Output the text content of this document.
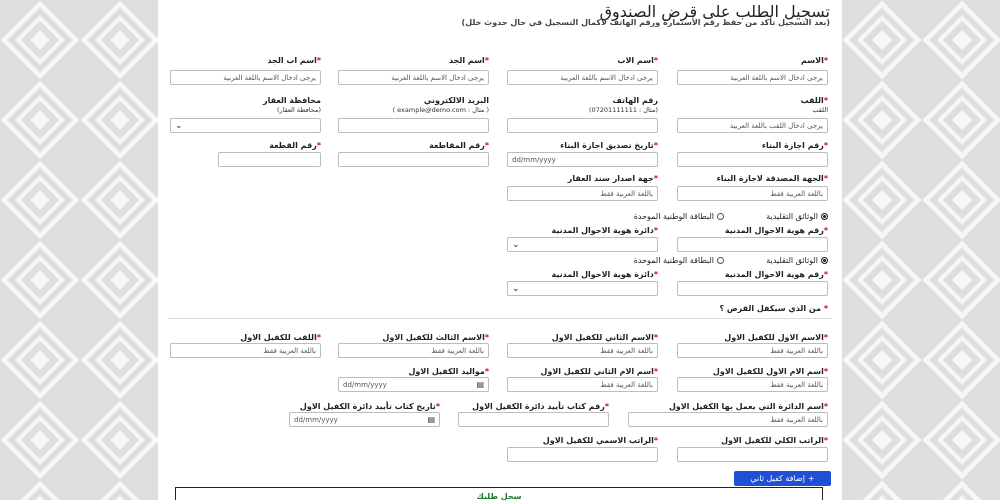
تسجيل الطلب على قرض الصندوق
(بعد التسجيل تأكد من حفظ رقم الأستمارة ورقم الهاتف لاكمال التسجيل في حال حدوث خلل)
*الاسم
*اسم الاب
*اسم الجد
*اسم اب الجد
يرجى ادخال الاسم باللغة العربية
يرجى ادخال الاسم باللغة العربية
يرجى ادخال الاسم باللغة العربية
يرجى ادخال الاسم باللغة العربية
*اللقب
اللقب
رقم الهاتف
(مثال : 07201111111)
البريد الالكتروني
( مثال : example@demo.com )
محافظة العقار
(محافظة العقار)
يرجى ادخال اللقب باللغة العربية
⌄
*رقم اجازة البناء
*تاريخ تصديق اجازة البناء
*رقم المقاطعة
*رقم القطعة
dd/mm/yyyy
*الجهة المصدقة لاجازة البناء
*جهة اصدار سند العقار
باللغة العربية فقط
باللغة العربية فقط
الوثائق التقليدية
البطاقة الوطنية الموحدة
*رقم هوية الاحوال المدنية
*دائرة هوية الاحوال المدنية
⌄
الوثائق التقليدية
البطاقة الوطنية الموحدة
*رقم هوية الاحوال المدنية
*دائرة هوية الاحوال المدنية
⌄
* من الذي سيكفل القرض ؟
*الاسم الاول للكفيل الاول
*الاسم الثاني للكفيل الاول
*الاسم الثالث للكفيل الاول
*اللقب للكفيل الاول
باللغة العربية فقط
باللغة العربية فقط
باللغة العربية فقط
باللغة العربية فقط
*اسم الام الاول للكفيل الاول
*اسم الام الثاني للكفيل الاول
*مواليد الكفيل الاول
باللغة العربية فقط
باللغة العربية فقط
dd/mm/yyyy	▤
*اسم الدائرة التي يعمل بها الكفيل الاول
*رقم كتاب تأييد دائرة الكفيل الاول
*تاريخ كتاب تأييد دائرة الكفيل الاول
باللغة العربية فقط
dd/mm/yyyy	▤
*الراتب الكلي للكفيل الاول
*الراتب الاسمي للكفيل الاول
+
إضافة كفيل ثاني
سجل طلبك
